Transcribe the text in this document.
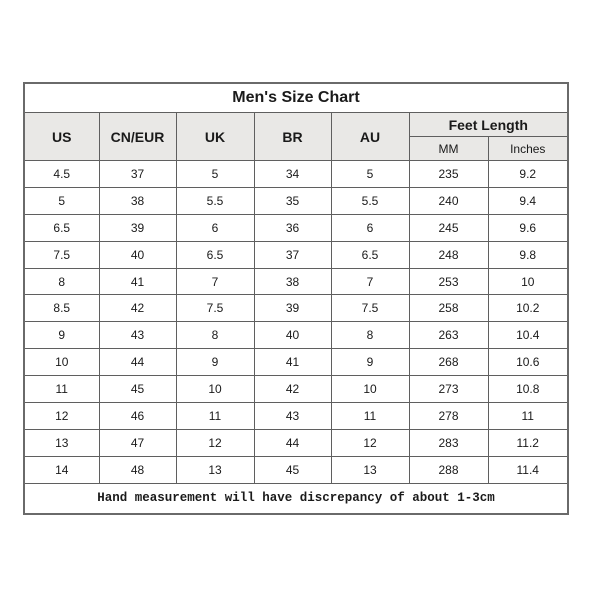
Men's Size Chart						
US	CN/EUR	UK	BR	AU	Feet Length	
					MM	Inches
4.5	37	5	34	5	235	9.2
5	38	5.5	35	5.5	240	9.4
6.5	39	6	36	6	245	9.6
7.5	40	6.5	37	6.5	248	9.8
8	41	7	38	7	253	10
8.5	42	7.5	39	7.5	258	10.2
9	43	8	40	8	263	10.4
10	44	9	41	9	268	10.6
11	45	10	42	10	273	10.8
12	46	11	43	11	278	11
13	47	12	44	12	283	11.2
14	48	13	45	13	288	11.4
Hand measurement will have discrepancy of about 1-3cm						
